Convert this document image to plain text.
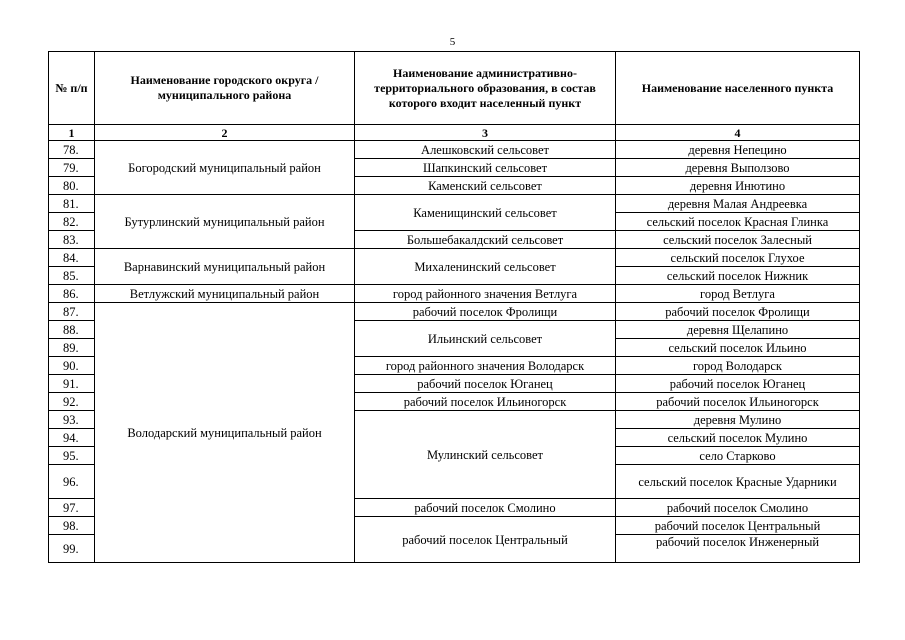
5
№ п/п	Наименование городского округа / муниципального района	Наименование административно-территориального образования, в состав которого входит населенный пункт	Наименование населенного пункта
1	2	3	4
78.	Богородский муниципальный район	Алешковский сельсовет	деревня Непецино
79.		Шапкинский сельсовет	деревня Выползово
80.		Каменский сельсовет	деревня Инютино
81.	Бутурлинский муниципальный район	Каменищинский сельсовет	деревня Малая Андреевка
82.			сельский поселок Красная Глинка
83.		Большебакалдский сельсовет	сельский поселок Залесный
84.	Варнавинский муниципальный район	Михаленинский сельсовет	сельский поселок Глухое
85.			сельский поселок Нижник
86.	Ветлужский муниципальный район	город районного значения Ветлуга	город Ветлуга
87.	Володарский муниципальный район	рабочий поселок Фролищи	рабочий поселок Фролищи
88.		Ильинский сельсовет	деревня Щелапино
89.			сельский поселок Ильино
90.		город районного значения Володарск	город Володарск
91.		рабочий поселок Юганец	рабочий поселок Юганец
92.		рабочий поселок Ильиногорск	рабочий поселок Ильиногорск
93.		Мулинский сельсовет	деревня Мулино
94.			сельский поселок Мулино
95.			село Старково
96.			сельский поселок Красные Ударники
97.		рабочий поселок Смолино	рабочий поселок Смолино
98.		рабочий поселок Центральный	рабочий поселок Центральный
99.			рабочий поселок Инженерный
